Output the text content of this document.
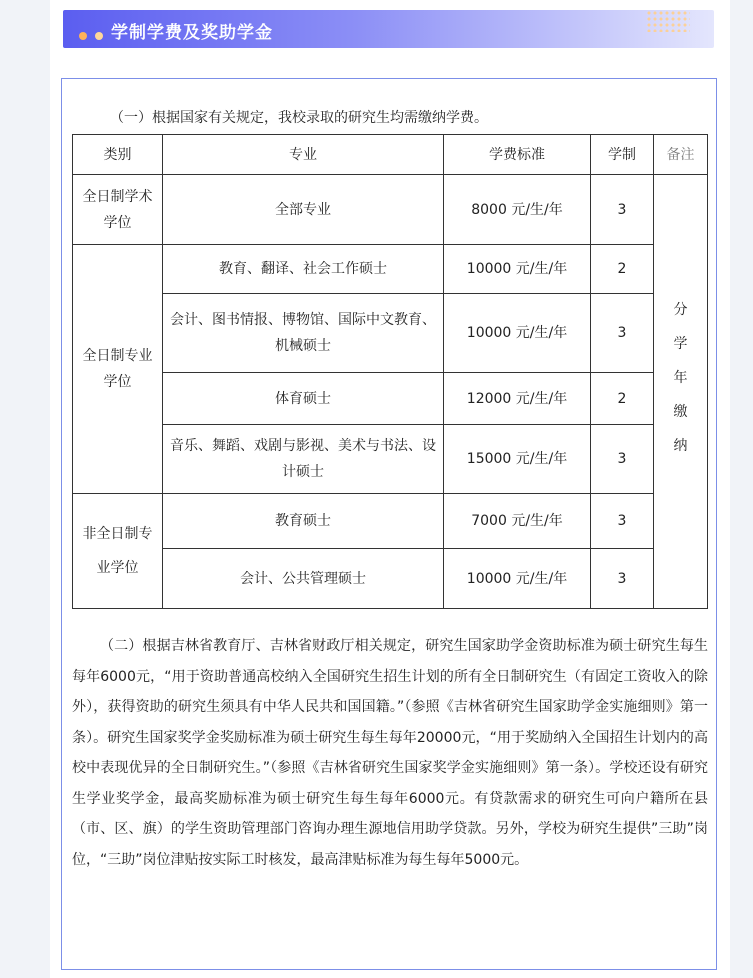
学制学费及奖助学金
（一）根据国家有关规定，我校录取的研究生均需缴纳学费。
类别	专业	学费标准	学制	备注
全日制学术学位	全部专业	8000 元/生/年	3	分学年缴纳
全日制专业学位	教育、翻译、社会工作硕士	10000 元/生/年	2	
	会计、图书情报、博物馆、国际中文教育、机械硕士	10000 元/生/年	3	
	体育硕士	12000 元/生/年	2	
	音乐、舞蹈、戏剧与影视、美术与书法、设计硕士	15000 元/生/年	3	
非全日制专业学位	教育硕士	7000 元/生/年	3	
	会计、公共管理硕士	10000 元/生/年	3	

（二）根据吉林省教育厅、吉林省财政厅相关规定，研究生国家助学金资助标准为硕士研究生每生每年6000元，“用于资助普通高校纳入全国研究生招生计划的所有全日制研究生（有固定工资收入的除外），获得资助的研究生须具有中华人民共和国国籍。”（参照《吉林省研究生国家助学金实施细则》第一条）。研究生国家奖学金奖励标准为硕士研究生每生每年20000元，“用于奖励纳入全国招生计划内的高校中表现优异的全日制研究生。”（参照《吉林省研究生国家奖学金实施细则》第一条）。学校还设有研究生学业奖学金，最高奖励标准为硕士研究生每生每年6000元。有贷款需求的研究生可向户籍所在县（市、区、旗）的学生资助管理部门咨询办理生源地信用助学贷款。另外，学校为研究生提供”三助”岗位，“三助”岗位津贴按实际工时核发，最高津贴标准为每生每年5000元。
